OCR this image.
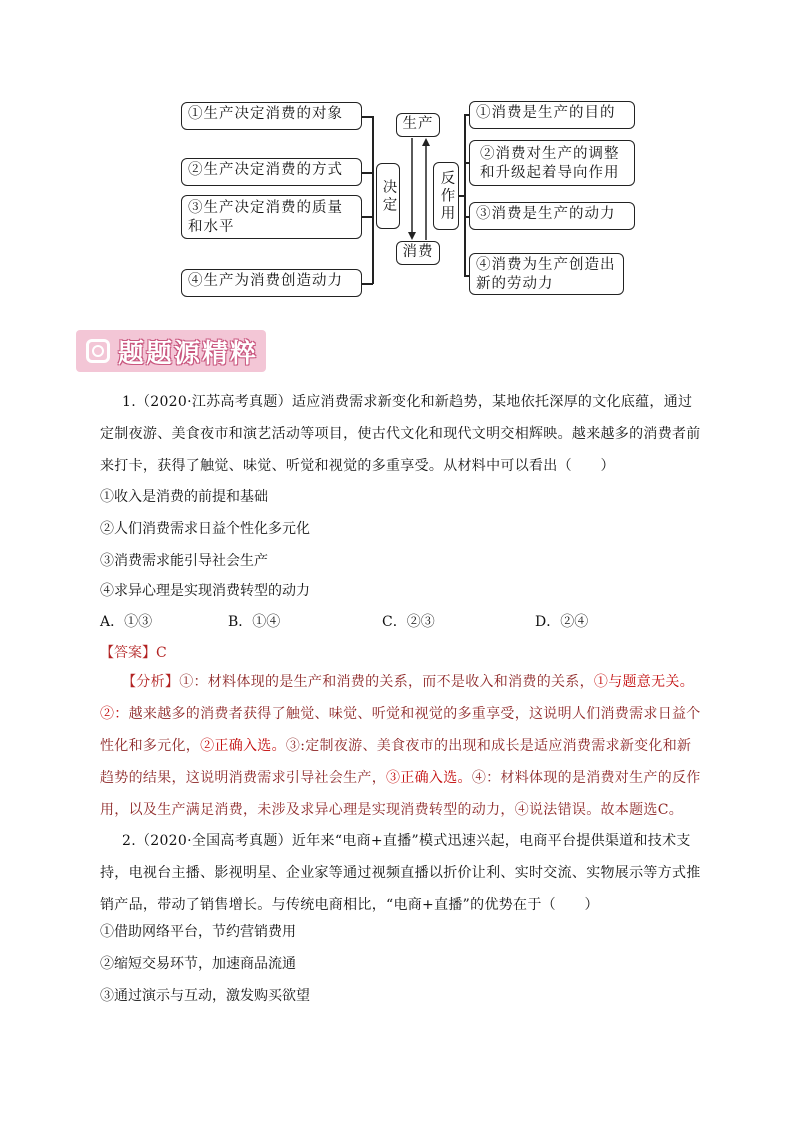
①生产决定消费的对象
②生产决定消费的方式
③生产决定消费的质量和水平
④生产为消费创造动力
决定
生产
消费
反作用
①消费是生产的目的
②消费对生产的调整和升级起着导向作用
③消费是生产的动力
④消费为生产创造出新的劳动力
题题源精粹
1.（2020·江苏高考真题）适应消费需求新变化和新趋势，某地依托深厚的文化底蕴，通过定制夜游、美食夜市和演艺活动等项目，使古代文化和现代文明交相辉映。越来越多的消费者前来打卡，获得了触觉、味觉、听觉和视觉的多重享受。从材料中可以看出（　　）
①收入是消费的前提和基础
②人们消费需求日益个性化多元化
③消费需求能引导社会生产
④求异心理是实现消费转型的动力
A．①③	B．①④	C．②③	D．②④
【答案】C
【分析】①：材料体现的是生产和消费的关系，而不是收入和消费的关系，①与题意无关。②：越来越多的消费者获得了触觉、味觉、听觉和视觉的多重享受，这说明人们消费需求日益个性化和多元化，②正确入选。③:定制夜游、美食夜市的出现和成长是适应消费需求新变化和新趋势的结果，这说明消费需求引导社会生产，③正确入选。④：材料体现的是消费对生产的反作用，以及生产满足消费，未涉及求异心理是实现消费转型的动力，④说法错误。故本题选C。
2.（2020·全国高考真题）近年来“电商+直播”模式迅速兴起，电商平台提供渠道和技术支持，电视台主播、影视明星、企业家等通过视频直播以折价让利、实时交流、实物展示等方式推销产品，带动了销售增长。与传统电商相比，“电商+直播”的优势在于（　　）
①借助网络平台，节约营销费用
②缩短交易环节，加速商品流通
③通过演示与互动，激发购买欲望
